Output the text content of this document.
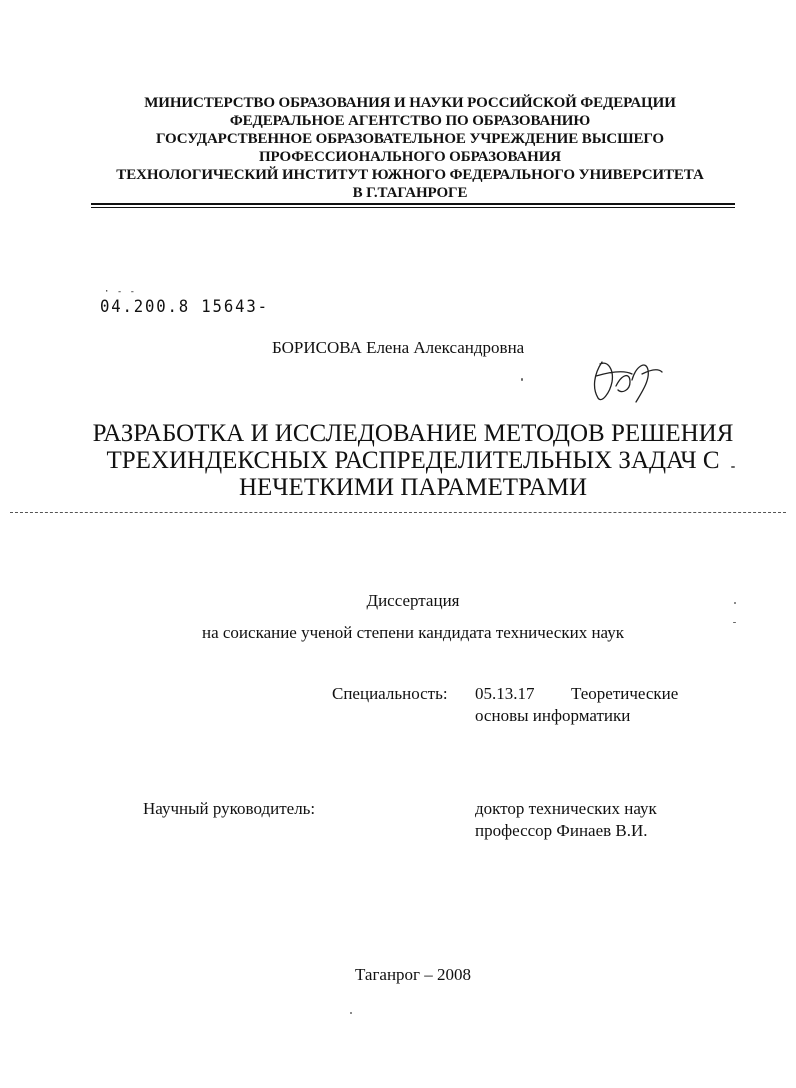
МИНИСТЕРСТВО ОБРАЗОВАНИЯ И НАУКИ РОССИЙСКОЙ ФЕДЕРАЦИИ
ФЕДЕРАЛЬНОЕ АГЕНТСТВО ПО ОБРАЗОВАНИЮ
ГОСУДАРСТВЕННОЕ ОБРАЗОВАТЕЛЬНОЕ УЧРЕЖДЕНИЕ ВЫСШЕГО
ПРОФЕССИОНАЛЬНОГО ОБРАЗОВАНИЯ
ТЕХНОЛОГИЧЕСКИЙ ИНСТИТУТ ЮЖНОГО ФЕДЕРАЛЬНОГО УНИВЕРСИТЕТА
В Г.ТАГАНРОГЕ
· - -
04.200.8 15643-
БОРИСОВА Елена Александровна
РАЗРАБОТКА И ИССЛЕДОВАНИЕ МЕТОДОВ РЕШЕНИЯ
ТРЕХИНДЕКСНЫХ РАСПРЕДЕЛИТЕЛЬНЫХ ЗАДАЧ С
НЕЧЕТКИМИ ПАРАМЕТРАМИ
Диссертация
на соискание ученой степени кандидата технических наук
Специальность: 05.13.17 Теоретические
основы информатики
Научный руководитель:	доктор технических наук
профессор Финаев В.И.
Таганрог – 2008
